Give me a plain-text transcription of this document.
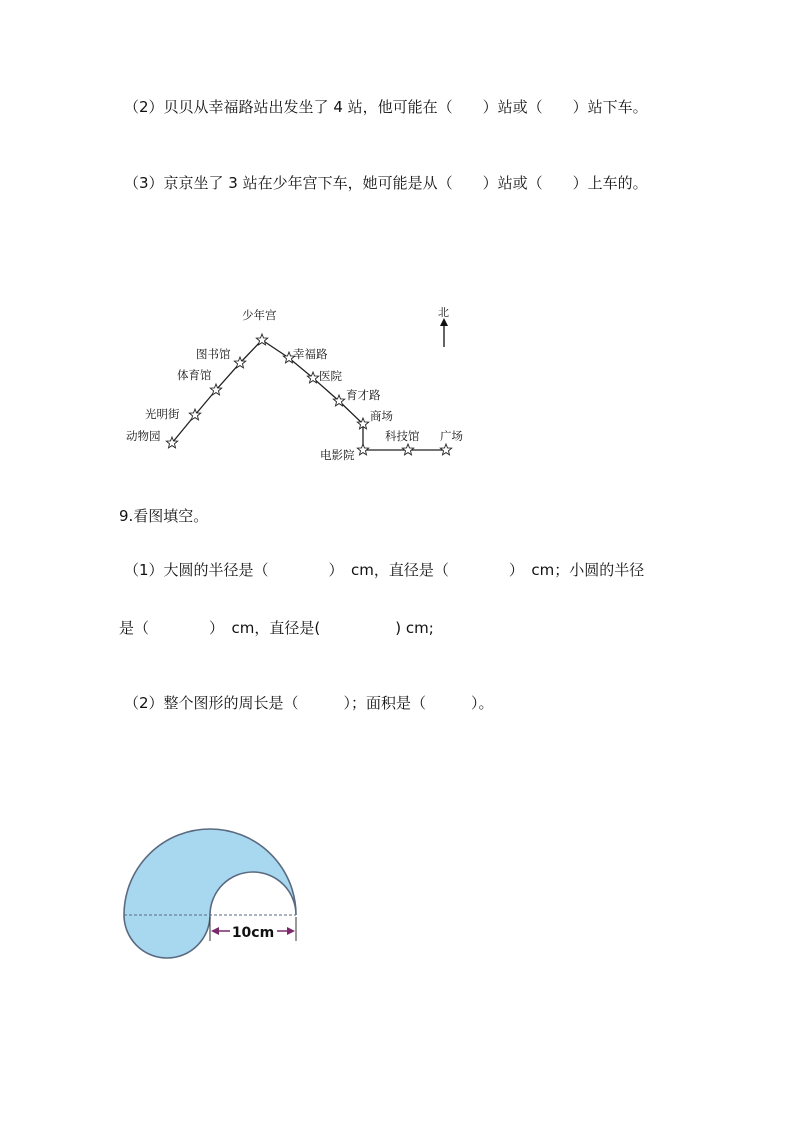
（2）贝贝从幸福路站出发坐了 4 站，他可能在（　　）站或（　　）站下车。
（3）京京坐了 3 站在少年宫下车，她可能是从（　　）站或（　　）上车的。
北
少年宫
图书馆	幸福路
体育馆	医院
育才路
光明街	商场
科技馆 广场
动物园
电影院
9.看图填空。
（1）大圆的半径是（　　　　）　cm，直径是（　　　　）　cm；小圆的半径
是（　　　　）　cm，直径是(　　　　　) cm;
（2）整个图形的周长是（　　　）；面积是（　　　）。
10cm
